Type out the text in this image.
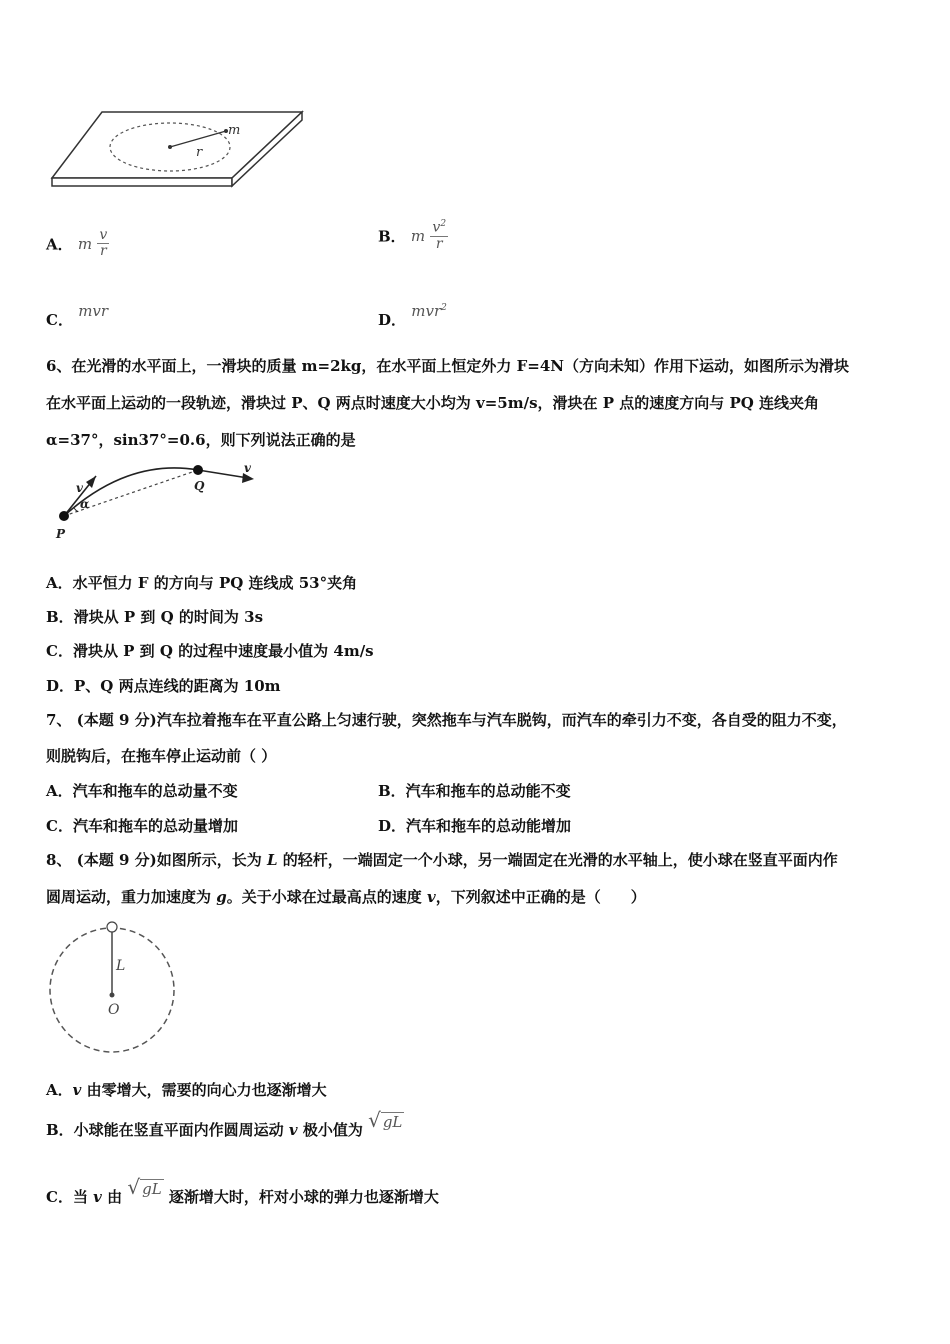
m
r
A． m $\frac{v}{r}$	B． m $\frac{v^2}{r}$
C． mvr	D． mvr$^2$
6、在光滑的水平面上，一滑块的质量 m=2kg，在水平面上恒定外力 F=4N（方向未知）作用下运动，如图所示为滑块
在水平面上运动的一段轨迹，滑块过 P、Q 两点时速度大小均为 v=5m/s，滑块在 P 点的速度方向与 PQ 连线夹角
α=37°，sin37°=0.6，则下列说法正确的是
v
α
Q
v
P
A．水平恒力 F 的方向与 PQ 连线成 53°夹角
B．滑块从 P 到 Q 的时间为 3s
C．滑块从 P 到 Q 的过程中速度最小值为 4m/s
D．P、Q 两点连线的距离为 10m
7、 (本题 9 分)汽车拉着拖车在平直公路上匀速行驶，突然拖车与汽车脱钩，而汽车的牵引力不变，各自受的阻力不变，
则脱钩后，在拖车停止运动前（ ）
A．汽车和拖车的总动量不变	B．汽车和拖车的总动能不变
C．汽车和拖车的总动量增加	D．汽车和拖车的总动能增加
8、 (本题 9 分)如图所示，长为 L 的轻杆，一端固定一个小球，另一端固定在光滑的水平轴上，使小球在竖直平面内作
圆周运动，重力加速度为 g。关于小球在过最高点的速度 v，下列叙述中正确的是（　　）
L
O
A．v 由零增大，需要的向心力也逐渐增大
B．小球能在竖直平面内作圆周运动 v 极小值为 √ gL
C．当 v 由 √ gL 逐渐增大时，杆对小球的弹力也逐渐增大
